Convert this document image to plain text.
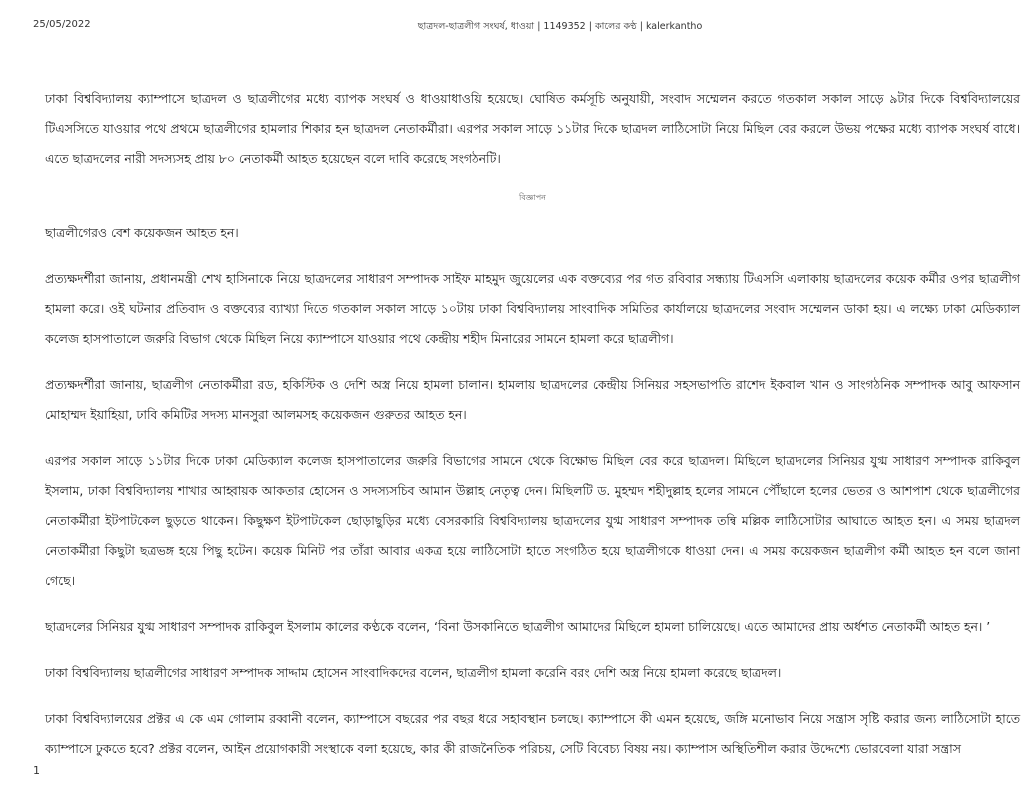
25/05/2022	ছাত্রদল-ছাত্রলীগ সংঘর্ষ, ধাওয়া | 1149352 | কালের কণ্ঠ | kalerkantho

ঢাকা বিশ্ববিদ্যালয় ক্যাম্পাসে ছাত্রদল ও ছাত্রলীগের মধ্যে ব্যাপক সংঘর্ষ ও ধাওয়াধাওয়ি হয়েছে। ঘোষিত কর্মসূচি অনুযায়ী, সংবাদ সম্মেলন করতে গতকাল সকাল সাড়ে ৯টার দিকে বিশ্ববিদ্যালয়ের টিএসসিতে যাওয়ার পথে প্রথমে ছাত্রলীগের হামলার শিকার হন ছাত্রদল নেতাকর্মীরা। এরপর সকাল সাড়ে ১১টার দিকে ছাত্রদল লাঠিসোটা নিয়ে মিছিল বের করলে উভয় পক্ষের মধ্যে ব্যাপক সংঘর্ষ বাধে। এতে ছাত্রদলের নারী সদস্যসহ প্রায় ৮০ নেতাকর্মী আহত হয়েছেন বলে দাবি করেছে সংগঠনটি।

বিজ্ঞাপন

ছাত্রলীগেরও বেশ কয়েকজন আহত হন।

প্রত্যক্ষদর্শীরা জানায়, প্রধানমন্ত্রী শেখ হাসিনাকে নিয়ে ছাত্রদলের সাধারণ সম্পাদক সাইফ মাহমুদ জুয়েলের এক বক্তব্যের পর গত রবিবার সন্ধ্যায় টিএসসি এলাকায় ছাত্রদলের কয়েক কর্মীর ওপর ছাত্রলীগ হামলা করে। ওই ঘটনার প্রতিবাদ ও বক্তব্যের ব্যাখ্যা দিতে গতকাল সকাল সাড়ে ১০টায় ঢাকা বিশ্ববিদ্যালয় সাংবাদিক সমিতির কার্যালয়ে ছাত্রদলের সংবাদ সম্মেলন ডাকা হয়। এ লক্ষ্যে ঢাকা মেডিক্যাল কলেজ হাসপাতালে জরুরি বিভাগ থেকে মিছিল নিয়ে ক্যাম্পাসে যাওয়ার পথে কেন্দ্রীয় শহীদ মিনারের সামনে হামলা করে ছাত্রলীগ।

প্রত্যক্ষদর্শীরা জানায়, ছাত্রলীগ নেতাকর্মীরা রড, হকিস্টিক ও দেশি অস্ত্র নিয়ে হামলা চালান। হামলায় ছাত্রদলের কেন্দ্রীয় সিনিয়র সহসভাপতি রাশেদ ইকবাল খান ও সাংগঠনিক সম্পাদক আবু আফসান মোহাম্মদ ইয়াহিয়া, ঢাবি কমিটির সদস্য মানসুরা আলমসহ কয়েকজন গুরুতর আহত হন।

এরপর সকাল সাড়ে ১১টার দিকে ঢাকা মেডিক্যাল কলেজ হাসপাতালের জরুরি বিভাগের সামনে থেকে বিক্ষোভ মিছিল বের করে ছাত্রদল। মিছিলে ছাত্রদলের সিনিয়র যুগ্ম সাধারণ সম্পাদক রাকিবুল ইসলাম, ঢাকা বিশ্ববিদ্যালয় শাখার আহ্বায়ক আকতার হোসেন ও সদস্যসচিব আমান উল্লাহ নেতৃত্ব দেন। মিছিলটি ড. মুহম্মদ শহীদুল্লাহ হলের সামনে পৌঁছালে হলের ভেতর ও আশপাশ থেকে ছাত্রলীগের নেতাকর্মীরা ইটপাটকেল ছুড়তে থাকেন। কিছুক্ষণ ইটপাটকেল ছোড়াছুড়ির মধ্যে বেসরকারি বিশ্ববিদ্যালয় ছাত্রদলের যুগ্ম সাধারণ সম্পাদক তন্বি মল্লিক লাঠিসোটার আঘাতে আহত হন। এ সময় ছাত্রদল নেতাকর্মীরা কিছুটা ছত্রভঙ্গ হয়ে পিছু হটেন। কয়েক মিনিট পর তাঁরা আবার একত্র হয়ে লাঠিসোটা হাতে সংগঠিত হয়ে ছাত্রলীগকে ধাওয়া দেন। এ সময় কয়েকজন ছাত্রলীগ কর্মী আহত হন বলে জানা গেছে।

ছাত্রদলের সিনিয়র যুগ্ম সাধারণ সম্পাদক রাকিবুল ইসলাম কালের কণ্ঠকে বলেন, ‘বিনা উসকানিতে ছাত্রলীগ আমাদের মিছিলে হামলা চালিয়েছে। এতে আমাদের প্রায় অর্ধশত নেতাকর্মী আহত হন। ’

ঢাকা বিশ্ববিদ্যালয় ছাত্রলীগের সাধারণ সম্পাদক সাদ্দাম হোসেন সাংবাদিকদের বলেন, ছাত্রলীগ হামলা করেনি বরং দেশি অস্ত্র নিয়ে হামলা করেছে ছাত্রদল।

ঢাকা বিশ্ববিদ্যালয়ের প্রক্টর এ কে এম গোলাম রব্বানী বলেন, ক্যাম্পাসে বছরের পর বছর ধরে সহাবস্থান চলছে। ক্যাম্পাসে কী এমন হয়েছে, জঙ্গি মনোভাব নিয়ে সন্ত্রাস সৃষ্টি করার জন্য লাঠিসোটা হাতে ক্যাম্পাসে ঢুকতে হবে? প্রক্টর বলেন, আইন প্রয়োগকারী সংস্থাকে বলা হয়েছে, কার কী রাজনৈতিক পরিচয়, সেটি বিবেচ্য বিষয় নয়। ক্যাম্পাস অস্থিতিশীল করার উদ্দেশ্যে ভোরবেলা যারা সন্ত্রাস

1
